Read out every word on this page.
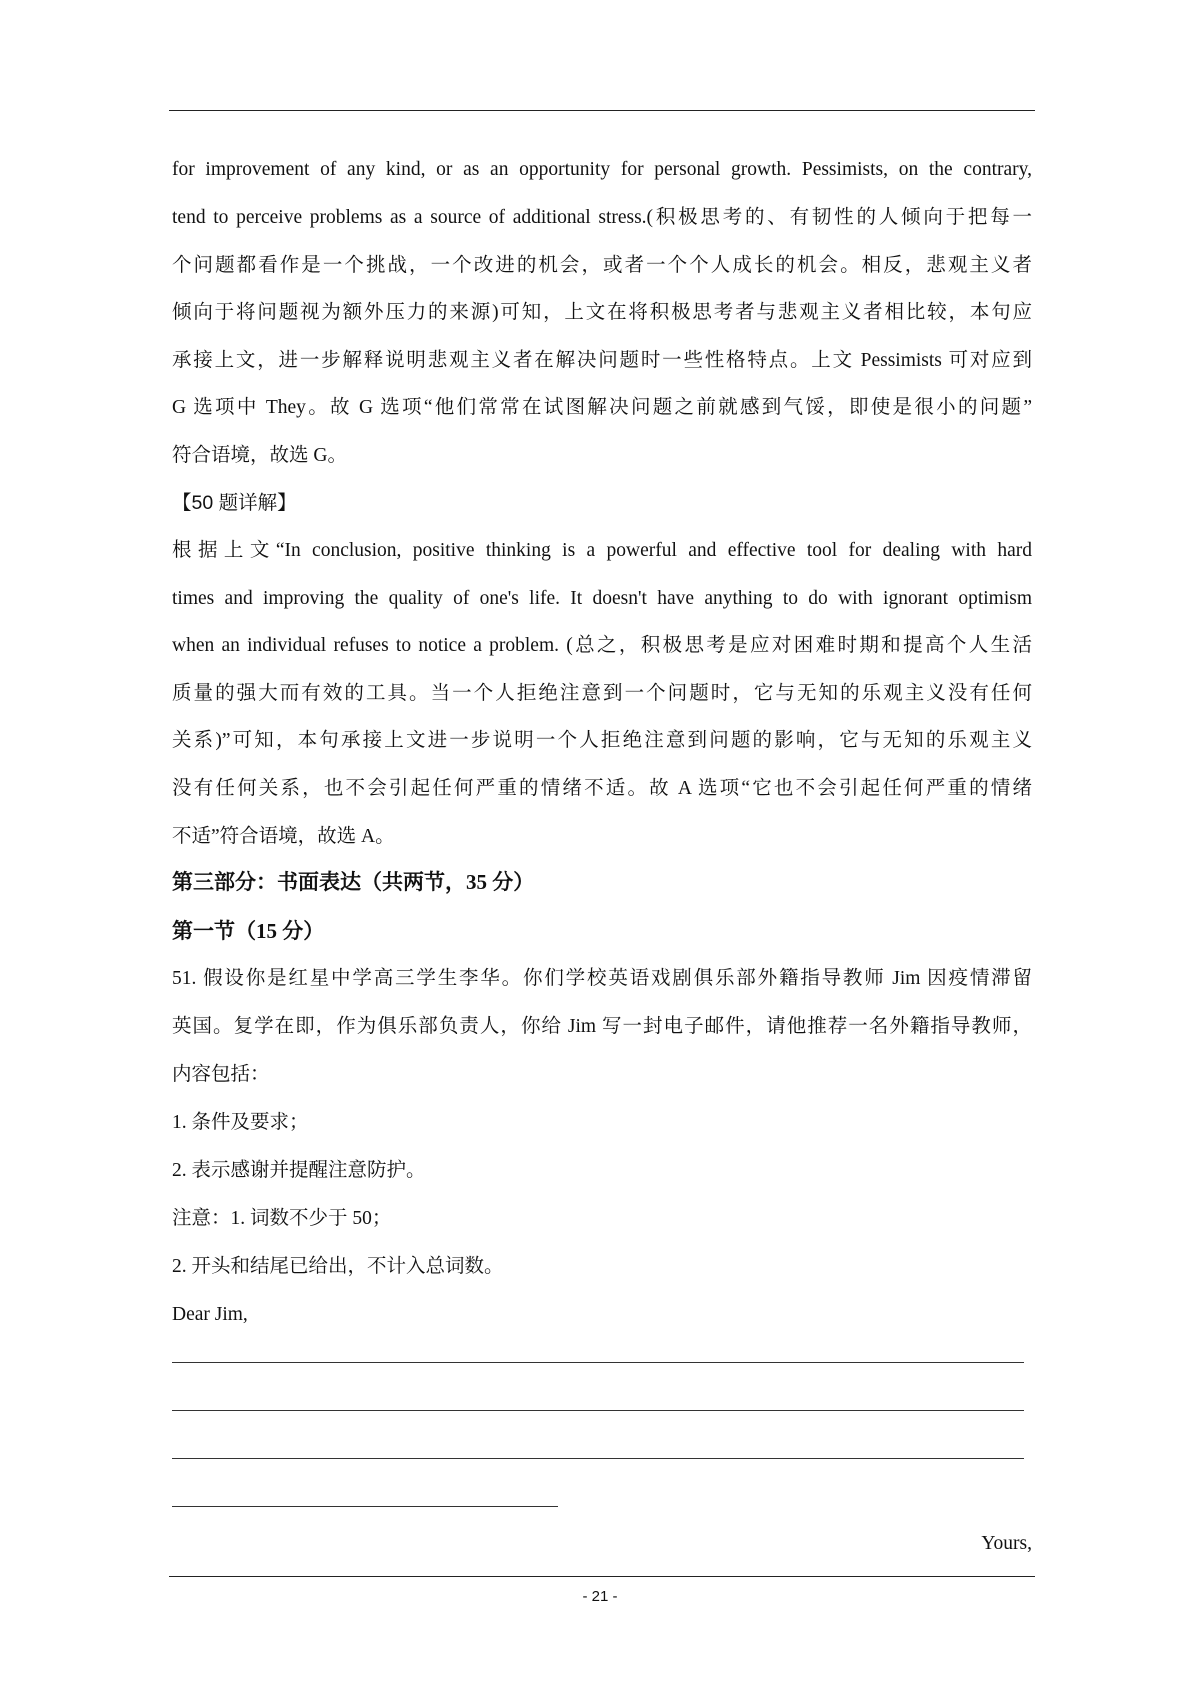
for improvement of any kind, or as an opportunity for personal growth. Pessimists, on the contrary,
tend to perceive problems as a source of additional stress.(积极思考的、有韧性的人倾向于把每一
个问题都看作是一个挑战，一个改进的机会，或者一个个人成长的机会。相反，悲观主义者
倾向于将问题视为额外压力的来源)可知，上文在将积极思考者与悲观主义者相比较，本句应
承接上文，进一步解释说明悲观主义者在解决问题时一些性格特点。上文 Pessimists 可对应到
G 选项中 They。故 G 选项“他们常常在试图解决问题之前就感到气馁，即使是很小的问题”
符合语境，故选 G。
【50 题详解】
根据上文“In conclusion, positive thinking is a powerful and effective tool for dealing with hard
times and improving the quality of one's life. It doesn't have anything to do with ignorant optimism
when an individual refuses to notice a problem. (总之，积极思考是应对困难时期和提高个人生活
质量的强大而有效的工具。当一个人拒绝注意到一个问题时，它与无知的乐观主义没有任何
关系)”可知，本句承接上文进一步说明一个人拒绝注意到问题的影响，它与无知的乐观主义
没有任何关系，也不会引起任何严重的情绪不适。故 A 选项“它也不会引起任何严重的情绪
不适”符合语境，故选 A。
第三部分：书面表达（共两节，35 分）
第一节（15 分）
51. 假设你是红星中学高三学生李华。你们学校英语戏剧俱乐部外籍指导教师 Jim 因疫情滞留
英国。复学在即，作为俱乐部负责人，你给 Jim 写一封电子邮件，请他推荐一名外籍指导教师，
内容包括：
1. 条件及要求；
2. 表示感谢并提醒注意防护。
注意：1. 词数不少于 50；
2. 开头和结尾已给出，不计入总词数。
Dear Jim,
Yours,
- 21 -
